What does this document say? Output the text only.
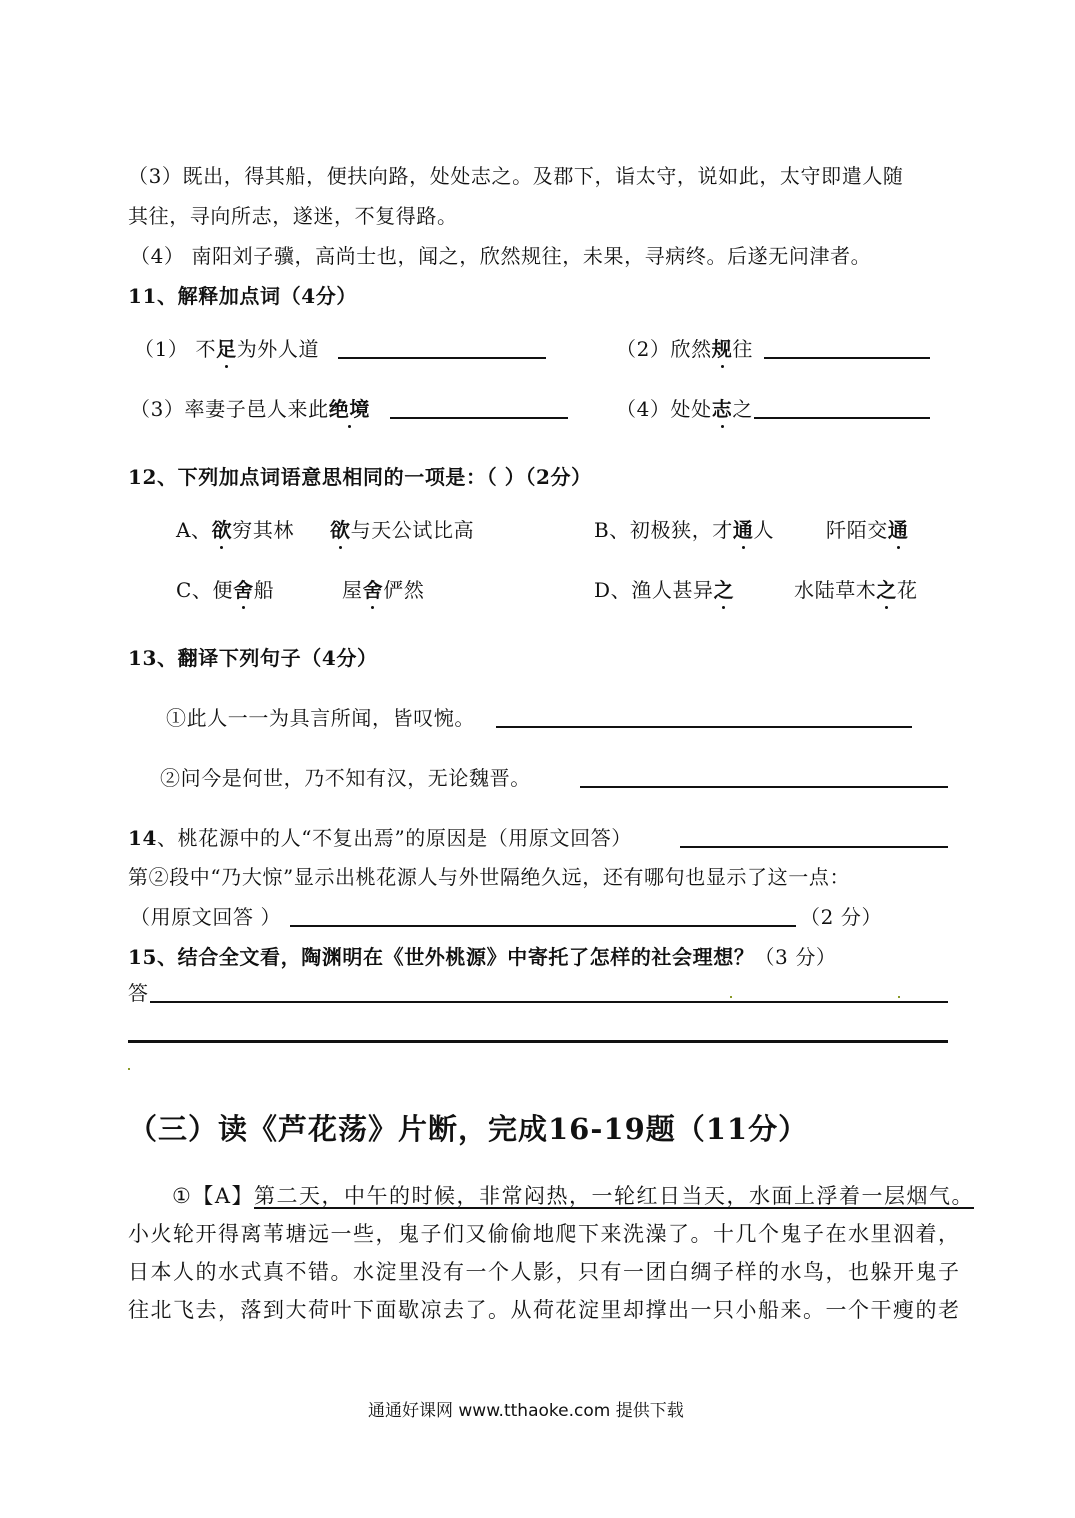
（3）既出，得其船，便扶向路，处处志之。及郡下，诣太守，说如此，太守即遣人随
其往，寻向所志，遂迷，不复得路。
（4） 南阳刘子骥，高尚士也，闻之，欣然规往，未果，寻病终。后遂无问津者。
11、解释加点词（4分）
（1） 不足为外人道	（2）欣然规往
（3）率妻子邑人来此绝境	（4）处处志之
12、下列加点词语意思相同的一项是：（ ）（2分）
A、欲穷其林 欲与天公试比高	B、初极狭，才通人	阡陌交通
C、便舍船	屋舍俨然	D、渔人甚异之	水陆草木之花
13、翻译下列句子（4分）
①此人一一为具言所闻，皆叹惋。
②问今是何世，乃不知有汉，无论魏晋。
14、桃花源中的人“不复出焉”的原因是（用原文回答）
第②段中“乃大惊”显示出桃花源人与外世隔绝久远，还有哪句也显示了这一点：
（用原文回答 ）	（2 分）
15、结合全文看，陶渊明在《世外桃源》中寄托了怎样的社会理想？（3 分）
答
（三）读《芦花荡》片断，完成16-19题（11分）
①【A】第二天，中午的时候，非常闷热，一轮红日当天，水面上浮着一层烟气。
小火轮开得离苇塘远一些，鬼子们又偷偷地爬下来洗澡了。十几个鬼子在水里泅着，
日本人的水式真不错。水淀里没有一个人影，只有一团白绸子样的水鸟，也躲开鬼子
往北飞去，落到大荷叶下面歇凉去了。从荷花淀里却撑出一只小船来。一个干瘦的老
通通好课网 www.tthaoke.com 提供下载
